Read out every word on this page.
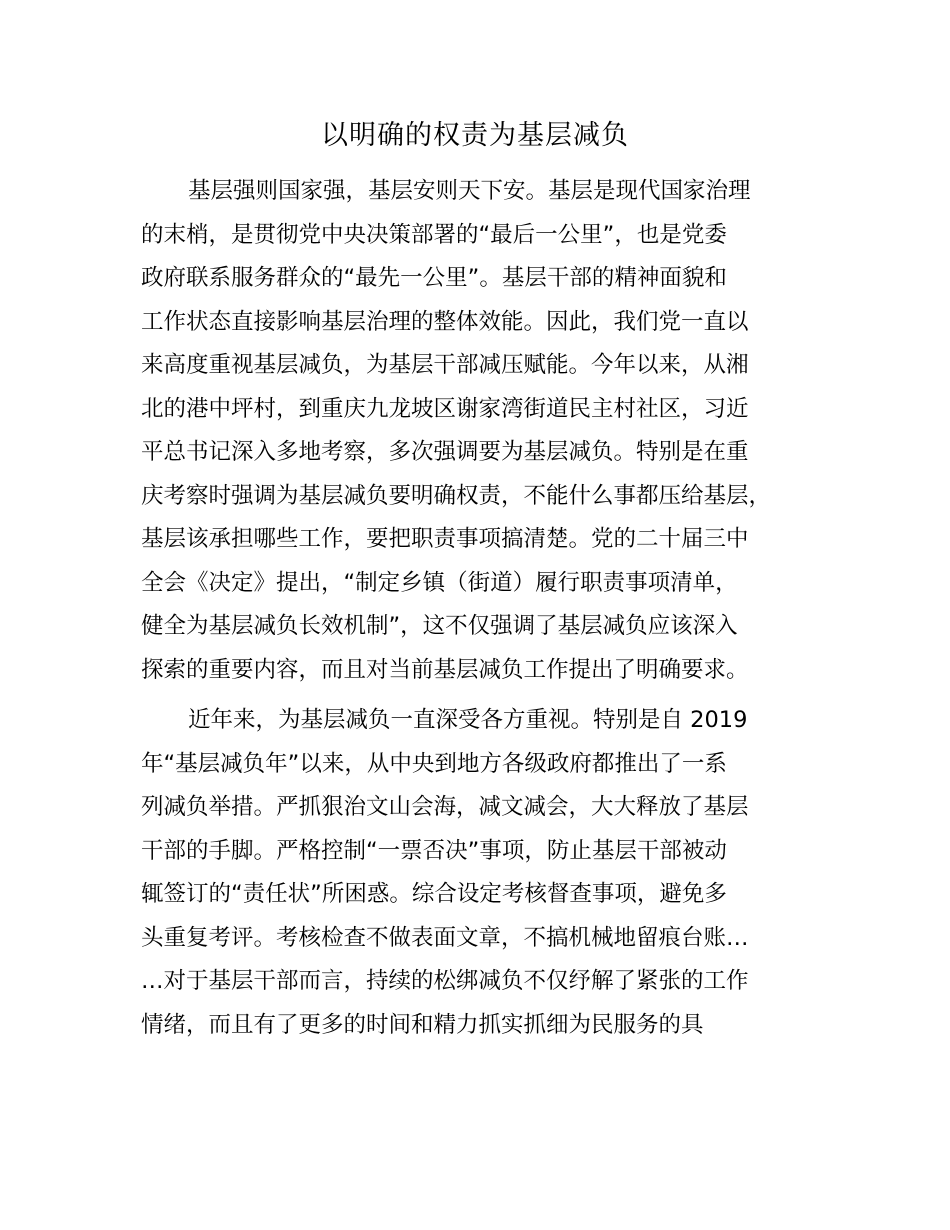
以明确的权责为基层减负
基层强则国家强，基层安则天下安。基层是现代国家治理
的末梢，是贯彻党中央决策部署的“最后一公里”，也是党委
政府联系服务群众的“最先一公里”。基层干部的精神面貌和
工作状态直接影响基层治理的整体效能。因此，我们党一直以
来高度重视基层减负，为基层干部减压赋能。今年以来，从湘
北的港中坪村，到重庆九龙坡区谢家湾街道民主村社区，习近
平总书记深入多地考察，多次强调要为基层减负。特别是在重
庆考察时强调为基层减负要明确权责，不能什么事都压给基层，
基层该承担哪些工作，要把职责事项搞清楚。党的二十届三中
全会《决定》提出，“制定乡镇（街道）履行职责事项清单，
健全为基层减负长效机制”，这不仅强调了基层减负应该深入
探索的重要内容，而且对当前基层减负工作提出了明确要求。
近年来，为基层减负一直深受各方重视。特别是自 2019
年“基层减负年”以来，从中央到地方各级政府都推出了一系
列减负举措。严抓狠治文山会海，减文减会，大大释放了基层
干部的手脚。严格控制“一票否决”事项，防止基层干部被动
辄签订的“责任状”所困惑。综合设定考核督查事项，避免多
头重复考评。考核检查不做表面文章，不搞机械地留痕台账…
…对于基层干部而言，持续的松绑减负不仅纾解了紧张的工作
情绪，而且有了更多的时间和精力抓实抓细为民服务的具
